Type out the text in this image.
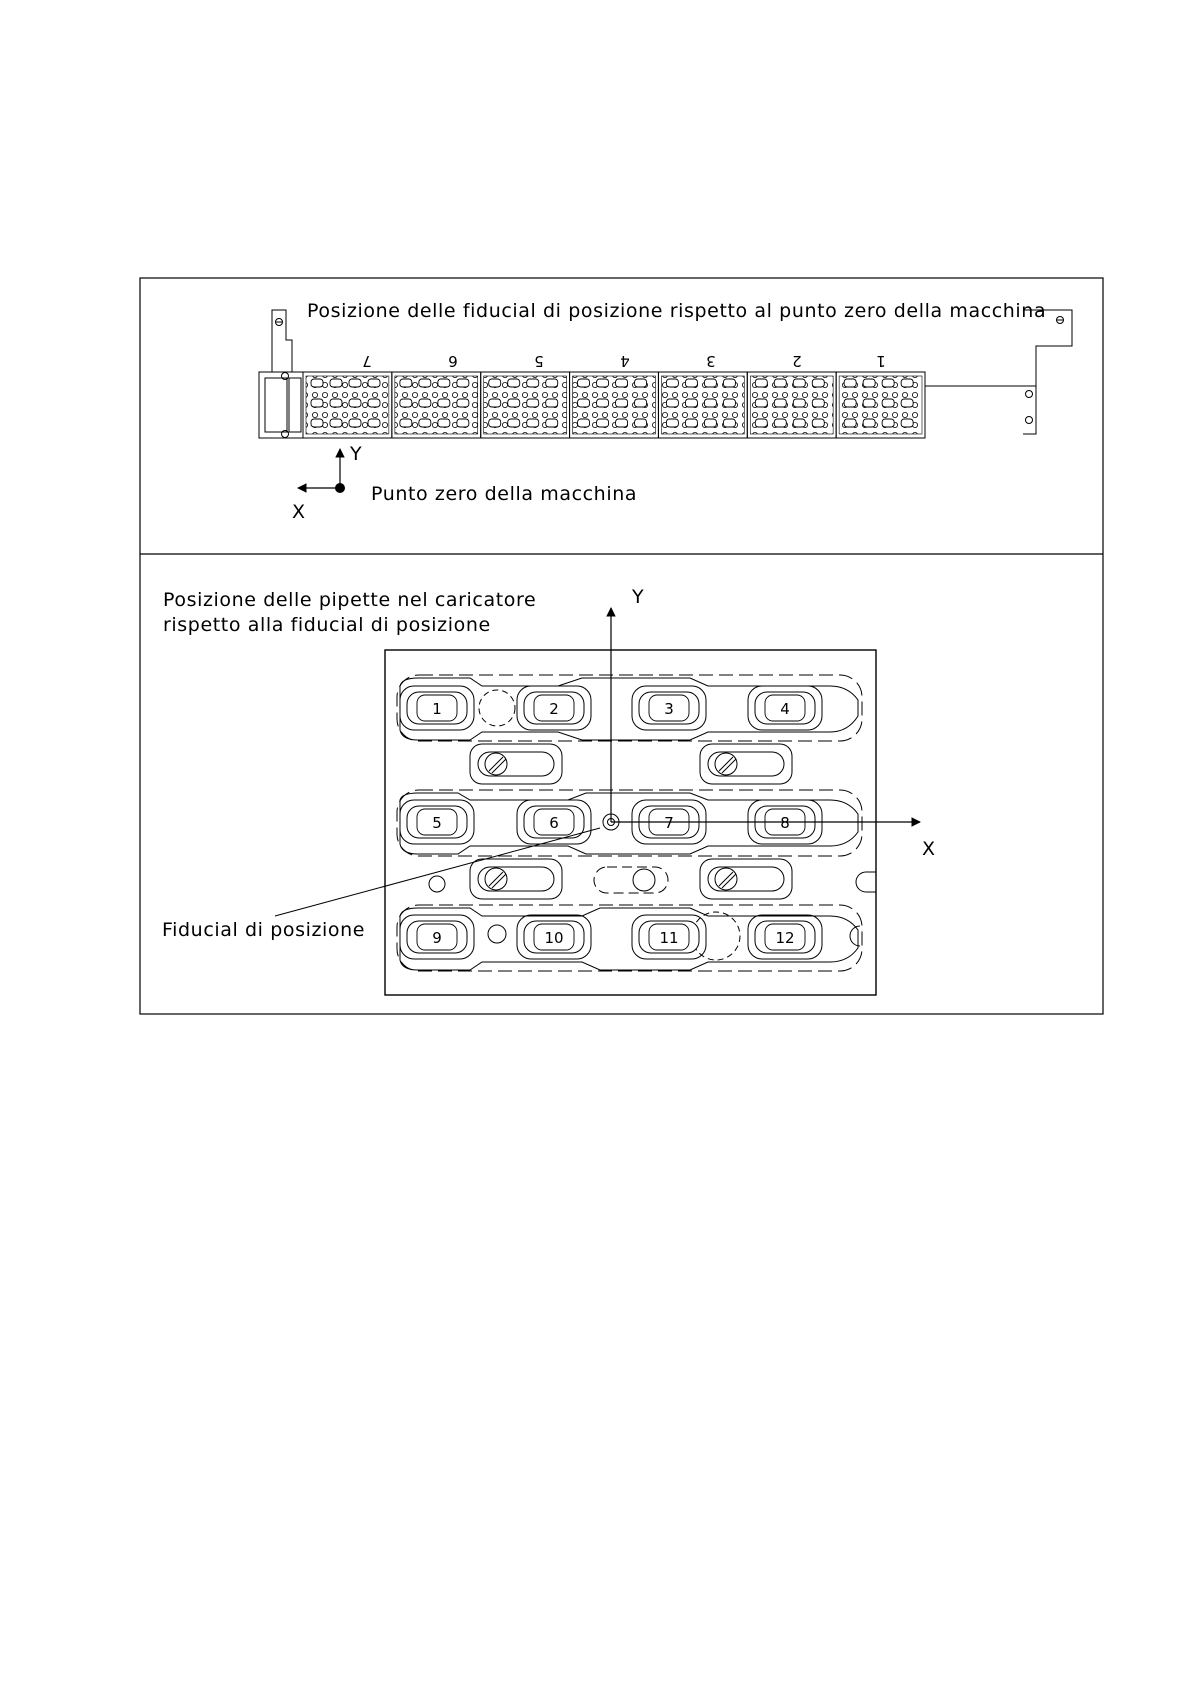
Posizione delle fiducial di posizione rispetto al punto zero della macchina
7	6	5	4	3	2	1
Y
X
Punto zero della macchina
Posizione delle pipette nel caricatore
rispetto alla fiducial di posizione
1	2	3	4
5	6	7	8
9	10	11	12
Y
X
Fiducial di posizione
